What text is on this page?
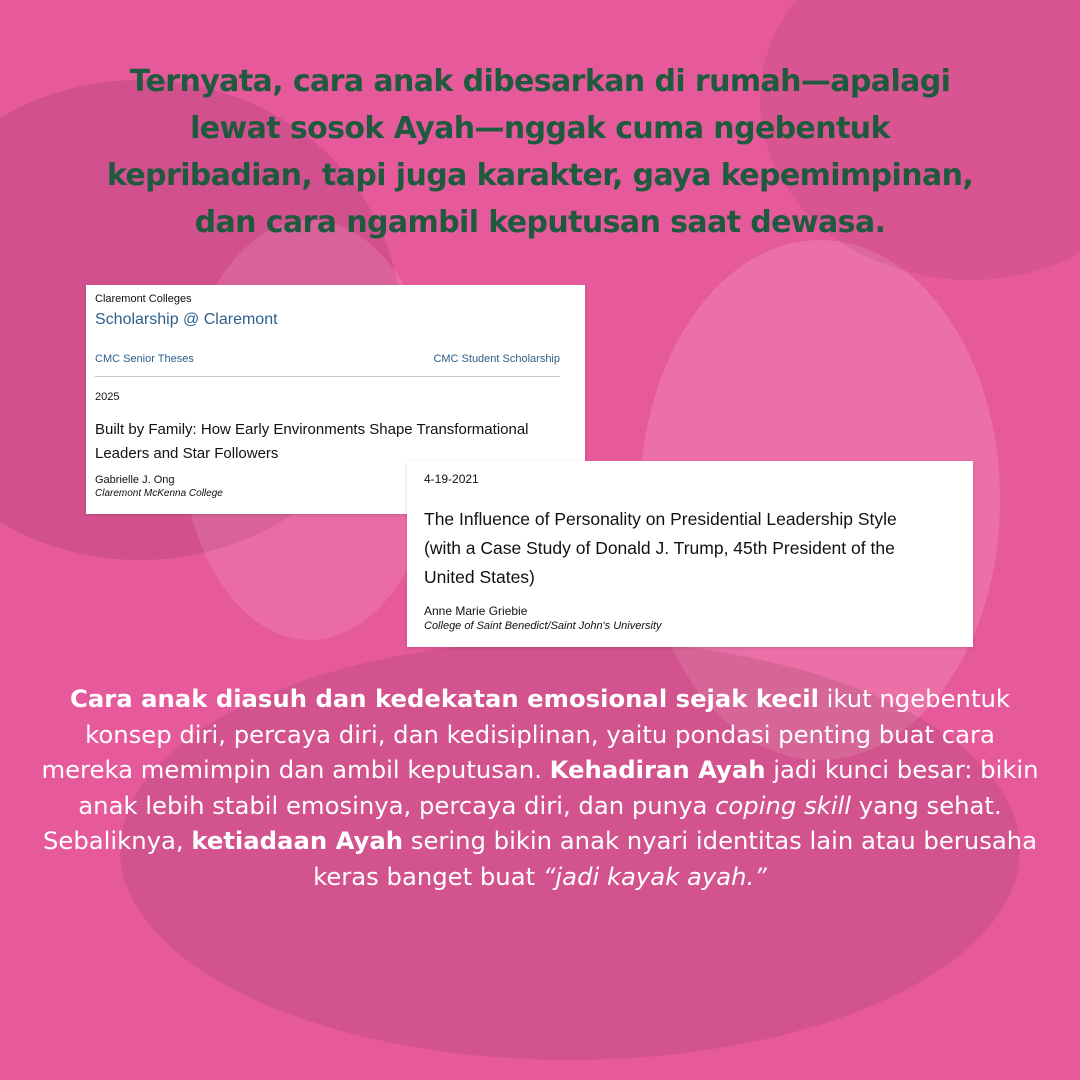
Ternyata, cara anak dibesarkan di rumah—apalagi
lewat sosok Ayah—nggak cuma ngebentuk
kepribadian, tapi juga karakter, gaya kepemimpinan,
dan cara ngambil keputusan saat dewasa.
Claremont Colleges
Scholarship @ Claremont
CMC Senior Theses	CMC Student Scholarship
2025
Built by Family: How Early Environments Shape Transformational
Leaders and Star Followers
Gabrielle J. Ong
Claremont McKenna College
4-19-2021
The Influence of Personality on Presidential Leadership Style
(with a Case Study of Donald J. Trump, 45th President of the
United States)
Anne Marie Griebie
College of Saint Benedict/Saint John's University

Cara anak diasuh dan kedekatan emosional sejak kecil ikut ngebentuk konsep diri, percaya diri, dan kedisiplinan, yaitu pondasi penting buat cara mereka memimpin dan ambil keputusan. Kehadiran Ayah jadi kunci besar: bikin anak lebih stabil emosinya, percaya diri, dan punya coping skill yang sehat. Sebaliknya, ketiadaan Ayah sering bikin anak nyari identitas lain atau berusaha keras banget buat “jadi kayak ayah.”
